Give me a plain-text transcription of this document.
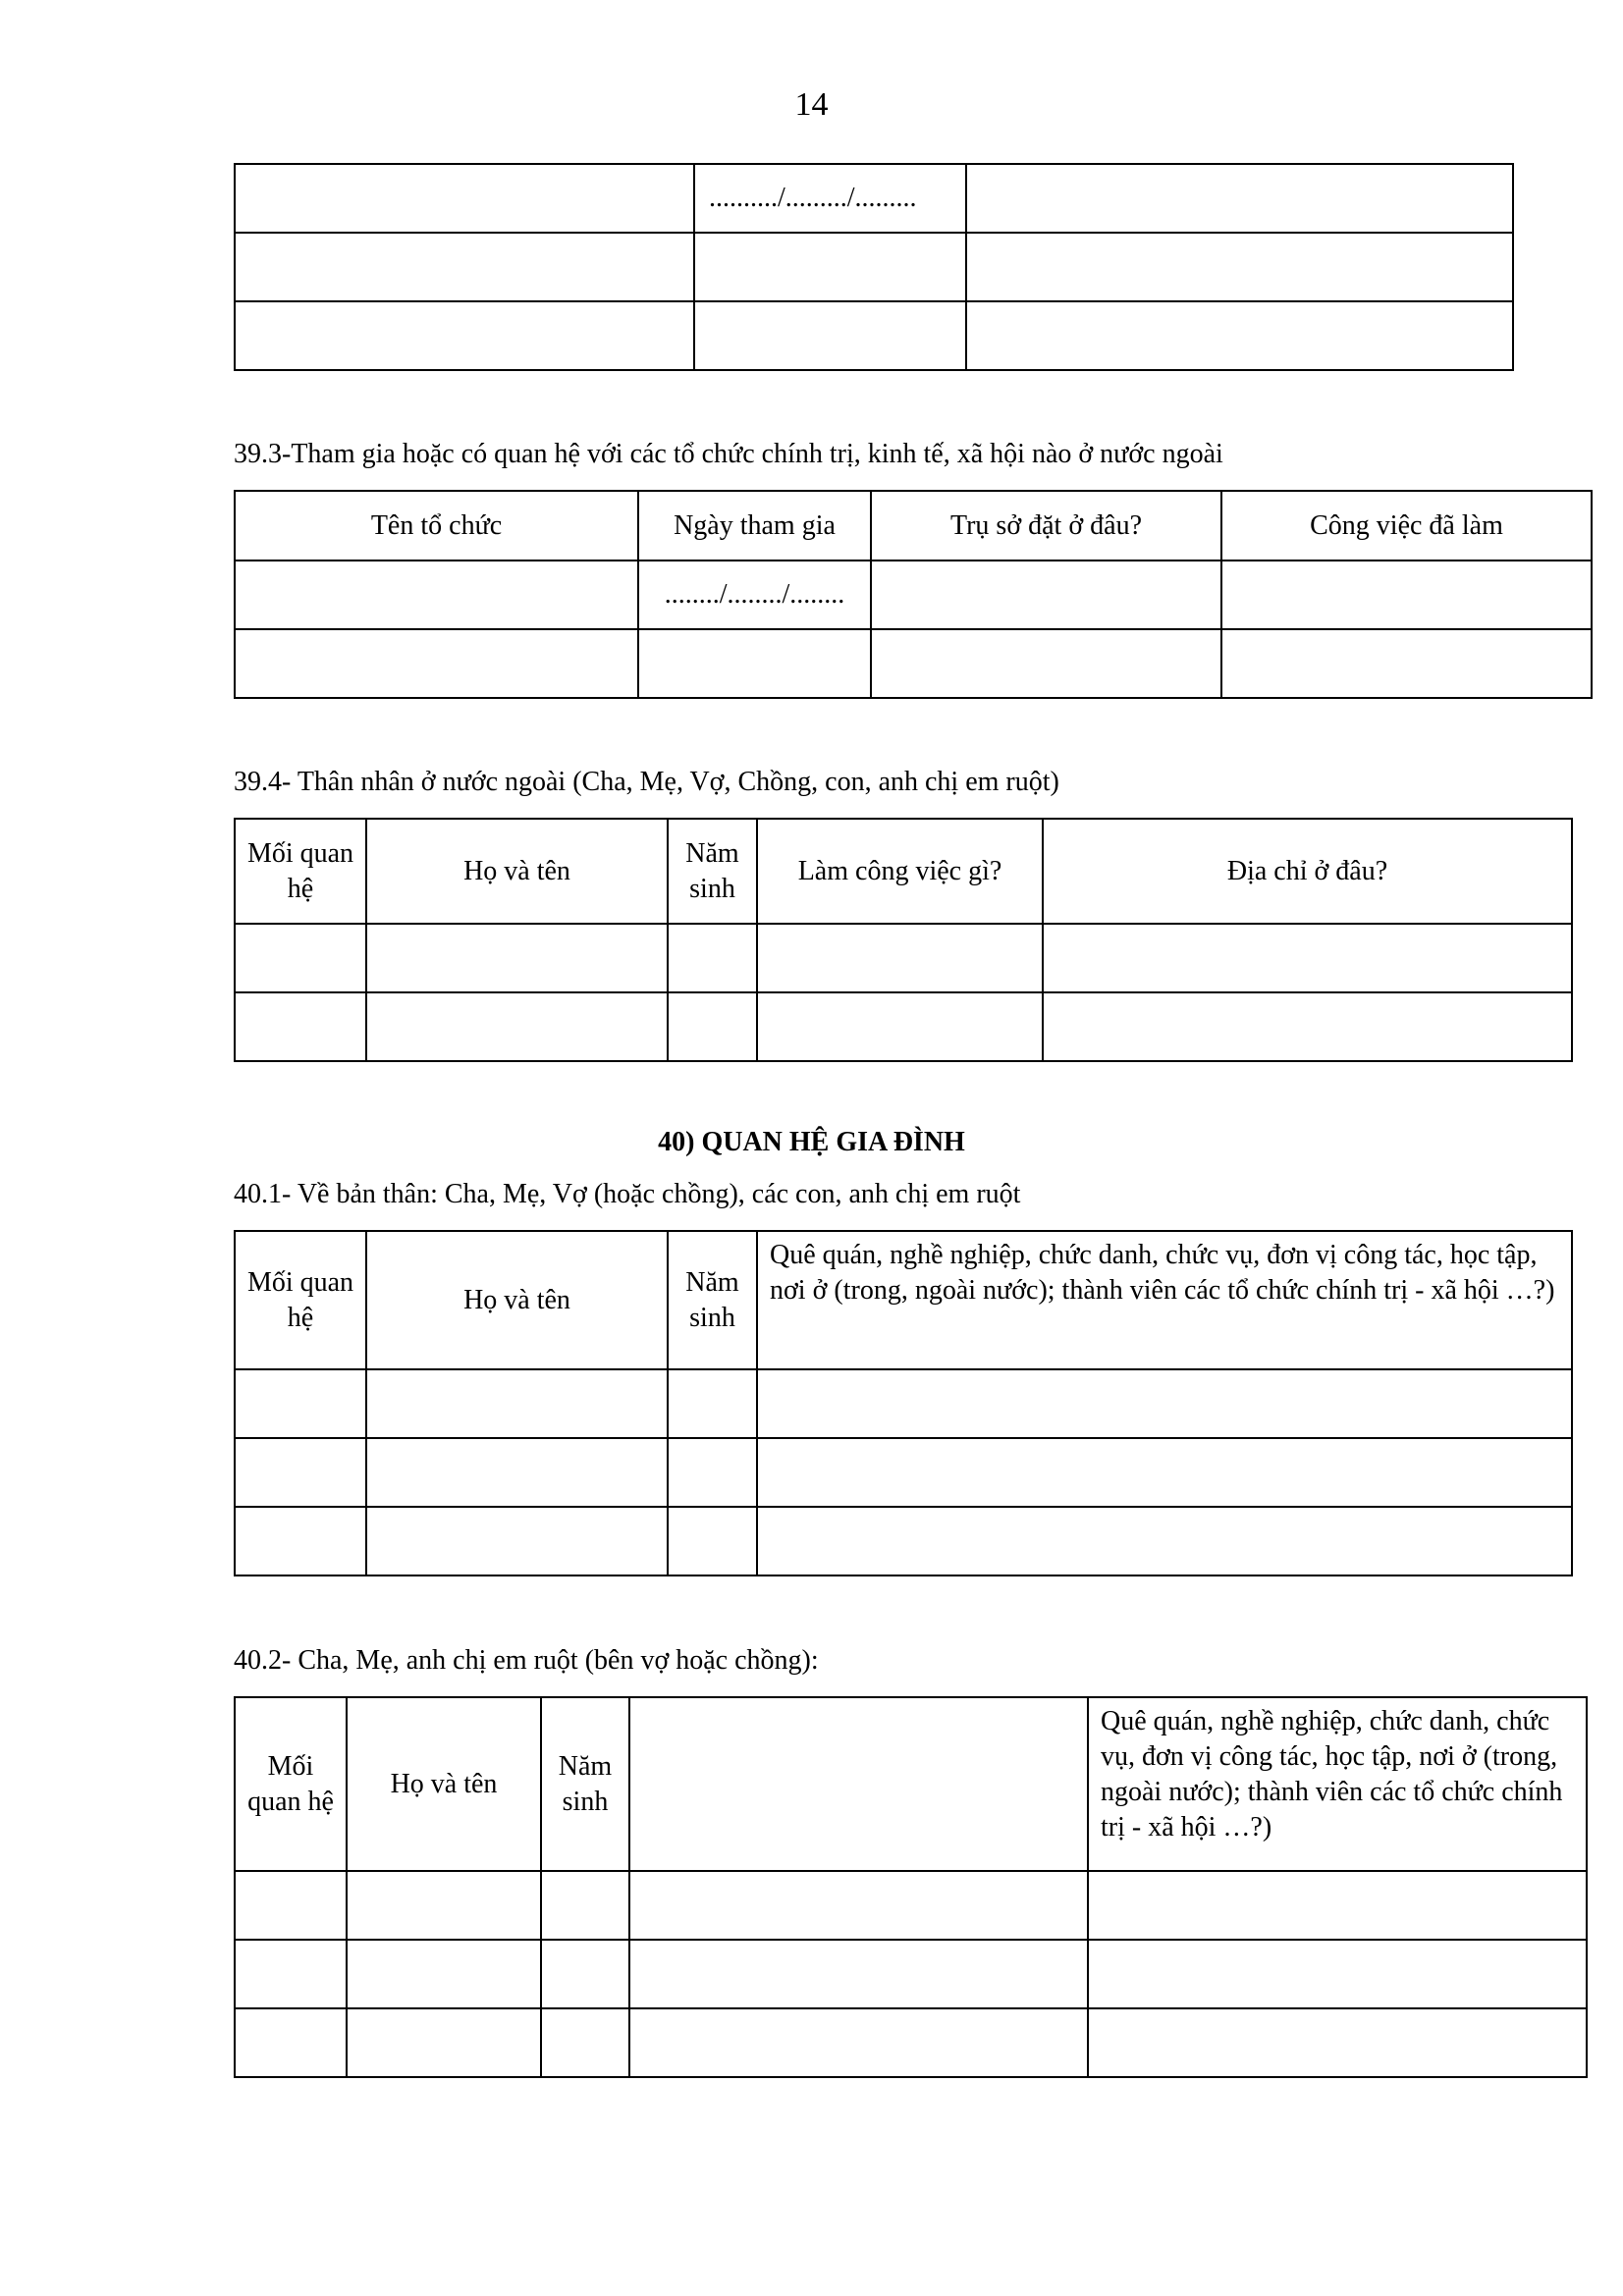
14
	........../........./.........	

39.3-Tham gia hoặc có quan hệ với các tổ chức chính trị, kinh tế, xã hội nào ở nước ngoài
Tên tổ chức	Ngày tham gia	Trụ sở đặt ở đâu?	Công việc đã làm
	......../......../........		

39.4- Thân nhân ở nước ngoài (Cha, Mẹ, Vợ, Chồng, con, anh chị em ruột)
Mối quan hệ	Họ và tên	Năm sinh	Làm công việc gì?	Địa chỉ ở đâu?

40) QUAN HỆ GIA ĐÌNH
40.1- Về bản thân: Cha, Mẹ, Vợ (hoặc chồng), các con, anh chị em ruột
Mối quan hệ	Họ và tên	Năm sinh	Quê quán, nghề nghiệp, chức danh, chức vụ, đơn vị công tác, học tập, nơi ở (trong, ngoài nước); thành viên các tổ chức chính trị - xã hội …?)

40.2- Cha, Mẹ, anh chị em ruột (bên vợ hoặc chồng):
Mối quan hệ	Họ và tên	Năm sinh		Quê quán, nghề nghiệp, chức danh, chức vụ, đơn vị công tác, học tập, nơi ở (trong, ngoài nước); thành viên các tổ chức chính trị - xã hội …?)
